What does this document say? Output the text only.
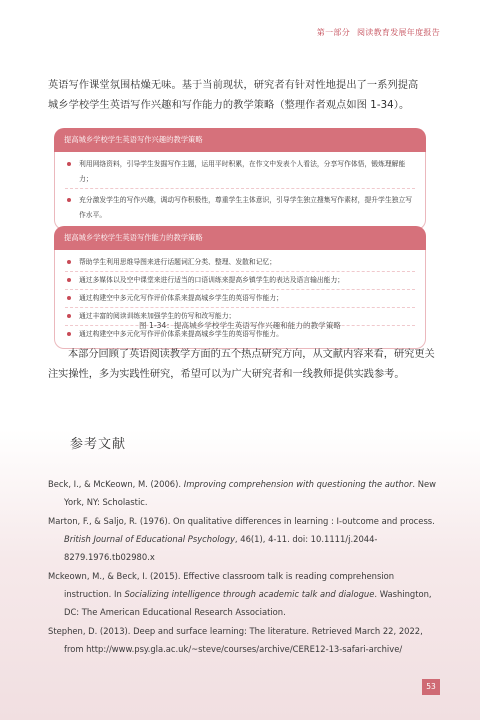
第一部分 阅读教育发展年度报告

英语写作课堂氛围枯燥无味。基于当前现状，研究者有针对性地提出了一系列提高

城乡学校学生英语写作兴趣和写作能力的教学策略（整理作者观点如图 1-34）。

提高城乡学校学生英语写作兴趣的教学策略
利用网络资料，引导学生发掘写作主题，运用平时积累，在作文中发表个人看法，分享写作体悟，锻炼理解能力；
充分激发学生的写作兴趣，调动写作积极性，尊重学生主体意识，引导学生独立搜集写作素材，提升学生独立写作水平。
提高城乡学校学生英语写作能力的教学策略
帮助学生利用思维导图来进行话题词汇分类、整理、发散和记忆；
通过多媒体以及空中课堂来进行适当的口语训练来提高乡镇学生的表达及语言输出能力；
通过构建空中多元化写作评价体系来提高城乡学生的英语写作能力；
通过丰富的阅读训练来加强学生的仿写和改写能力；
通过构建空中多元化写作评价体系来提高城乡学生的英语写作能力。
图 1-34：提高城乡学校学生英语写作兴趣和能力的教学策略
本部分回顾了英语阅读教学方面的五个热点研究方向，从文献内容来看，研究更关注实操性，多为实践性研究，希望可以为广大研究者和一线教师提供实践参考。
参考文献
Beck, I., & McKeown, M. (2006). Improving comprehension with questioning the author. New York, NY: Scholastic.
Marton, F., & Saljo, R. (1976). On qualitative differences in learning : I-outcome and process. British Journal of Educational Psychology, 46(1), 4-11. doi: 10.1111/j.2044-8279.1976.tb02980.x
Mckeown, M., & Beck, I. (2015). Effective classroom talk is reading comprehension instruction. In Socializing intelligence through academic talk and dialogue. Washington, DC: The American Educational Research Association.
Stephen, D. (2013). Deep and surface learning: The literature. Retrieved March 22, 2022, from http://www.psy.gla.ac.uk/~steve/courses/archive/CERE12-13-safari-archive/
53
